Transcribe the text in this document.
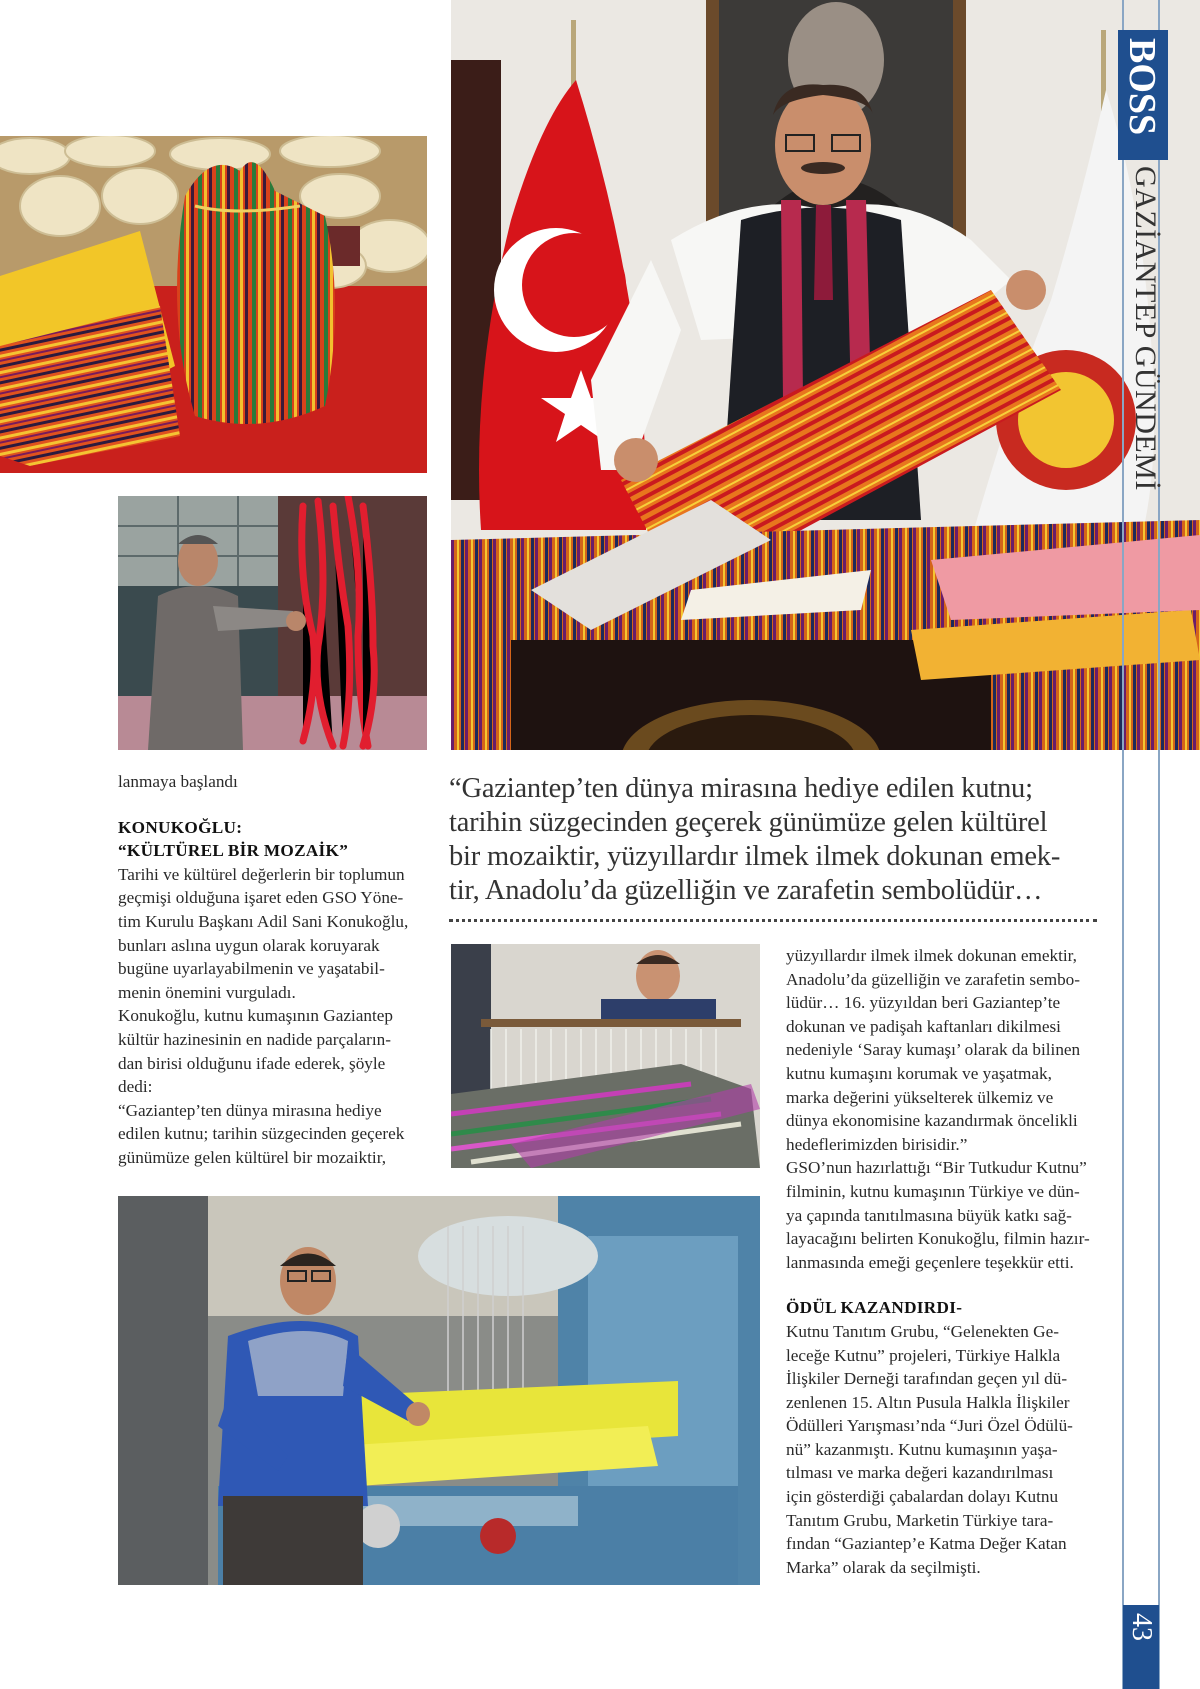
lanmaya başlandı

KONUKOĞLU:

“KÜLTÜREL BİR MOZAİK”

Tarihi ve kültürel değerlerin bir toplumun

geçmişi olduğuna işaret eden GSO Yöne-

tim Kurulu Başkanı Adil Sani Konukoğlu,

bunları aslına uygun olarak koruyarak

bugüne uyarlayabilmenin ve yaşatabil-

menin önemini vurguladı.

Konukoğlu, kutnu kumaşının Gaziantep

kültür hazinesinin en nadide parçaların-

dan birisi olduğunu ifade ederek, şöyle

dedi:

“Gaziantep’ten dünya mirasına hediye

edilen kutnu; tarihin süzgecinden geçerek

günümüze gelen kültürel bir mozaiktir,

“Gaziantep’ten dünya mirasına hediye edilen kutnu;
tarihin süzgecinden geçerek günümüze gelen kültürel
bir mozaiktir, yüzyıllardır ilmek ilmek dokunan emek-
tir, Anadolu’da güzelliğin ve zarafetin sembolüdür…

yüzyıllardır ilmek ilmek dokunan emektir,

Anadolu’da güzelliğin ve zarafetin sembo-

lüdür… 16. yüzyıldan beri Gaziantep’te

dokunan ve padişah kaftanları dikilmesi

nedeniyle ‘Saray kumaşı’ olarak da bilinen

kutnu kumaşını korumak ve yaşatmak,

marka değerini yükselterek ülkemiz ve

dünya ekonomisine kazandırmak öncelikli

hedeflerimizden birisidir.”

GSO’nun hazırlattığı “Bir Tutkudur Kutnu”

filminin, kutnu kumaşının Türkiye ve dün-

ya çapında tanıtılmasına büyük katkı sağ-

layacağını belirten Konukoğlu, filmin hazır-

lanmasında emeği geçenlere teşekkür etti.

ÖDÜL KAZANDIRDI-

Kutnu Tanıtım Grubu, “Gelenekten Ge-

leceğe Kutnu” projeleri, Türkiye Halkla

İlişkiler Derneği tarafından geçen yıl dü-

zenlenen 15. Altın Pusula Halkla İlişkiler

Ödülleri Yarışması’nda “Juri Özel Ödülü-

nü” kazanmıştı. Kutnu kumaşının yaşa-

tılması ve marka değeri kazandırılması

için gösterdiği çabalardan dolayı Kutnu

Tanıtım Grubu, Marketin Türkiye tara-

fından “Gaziantep’e Katma Değer Katan

Marka” olarak da seçilmişti.

BOSS
GAZİANTEP GÜNDEMİ
43
